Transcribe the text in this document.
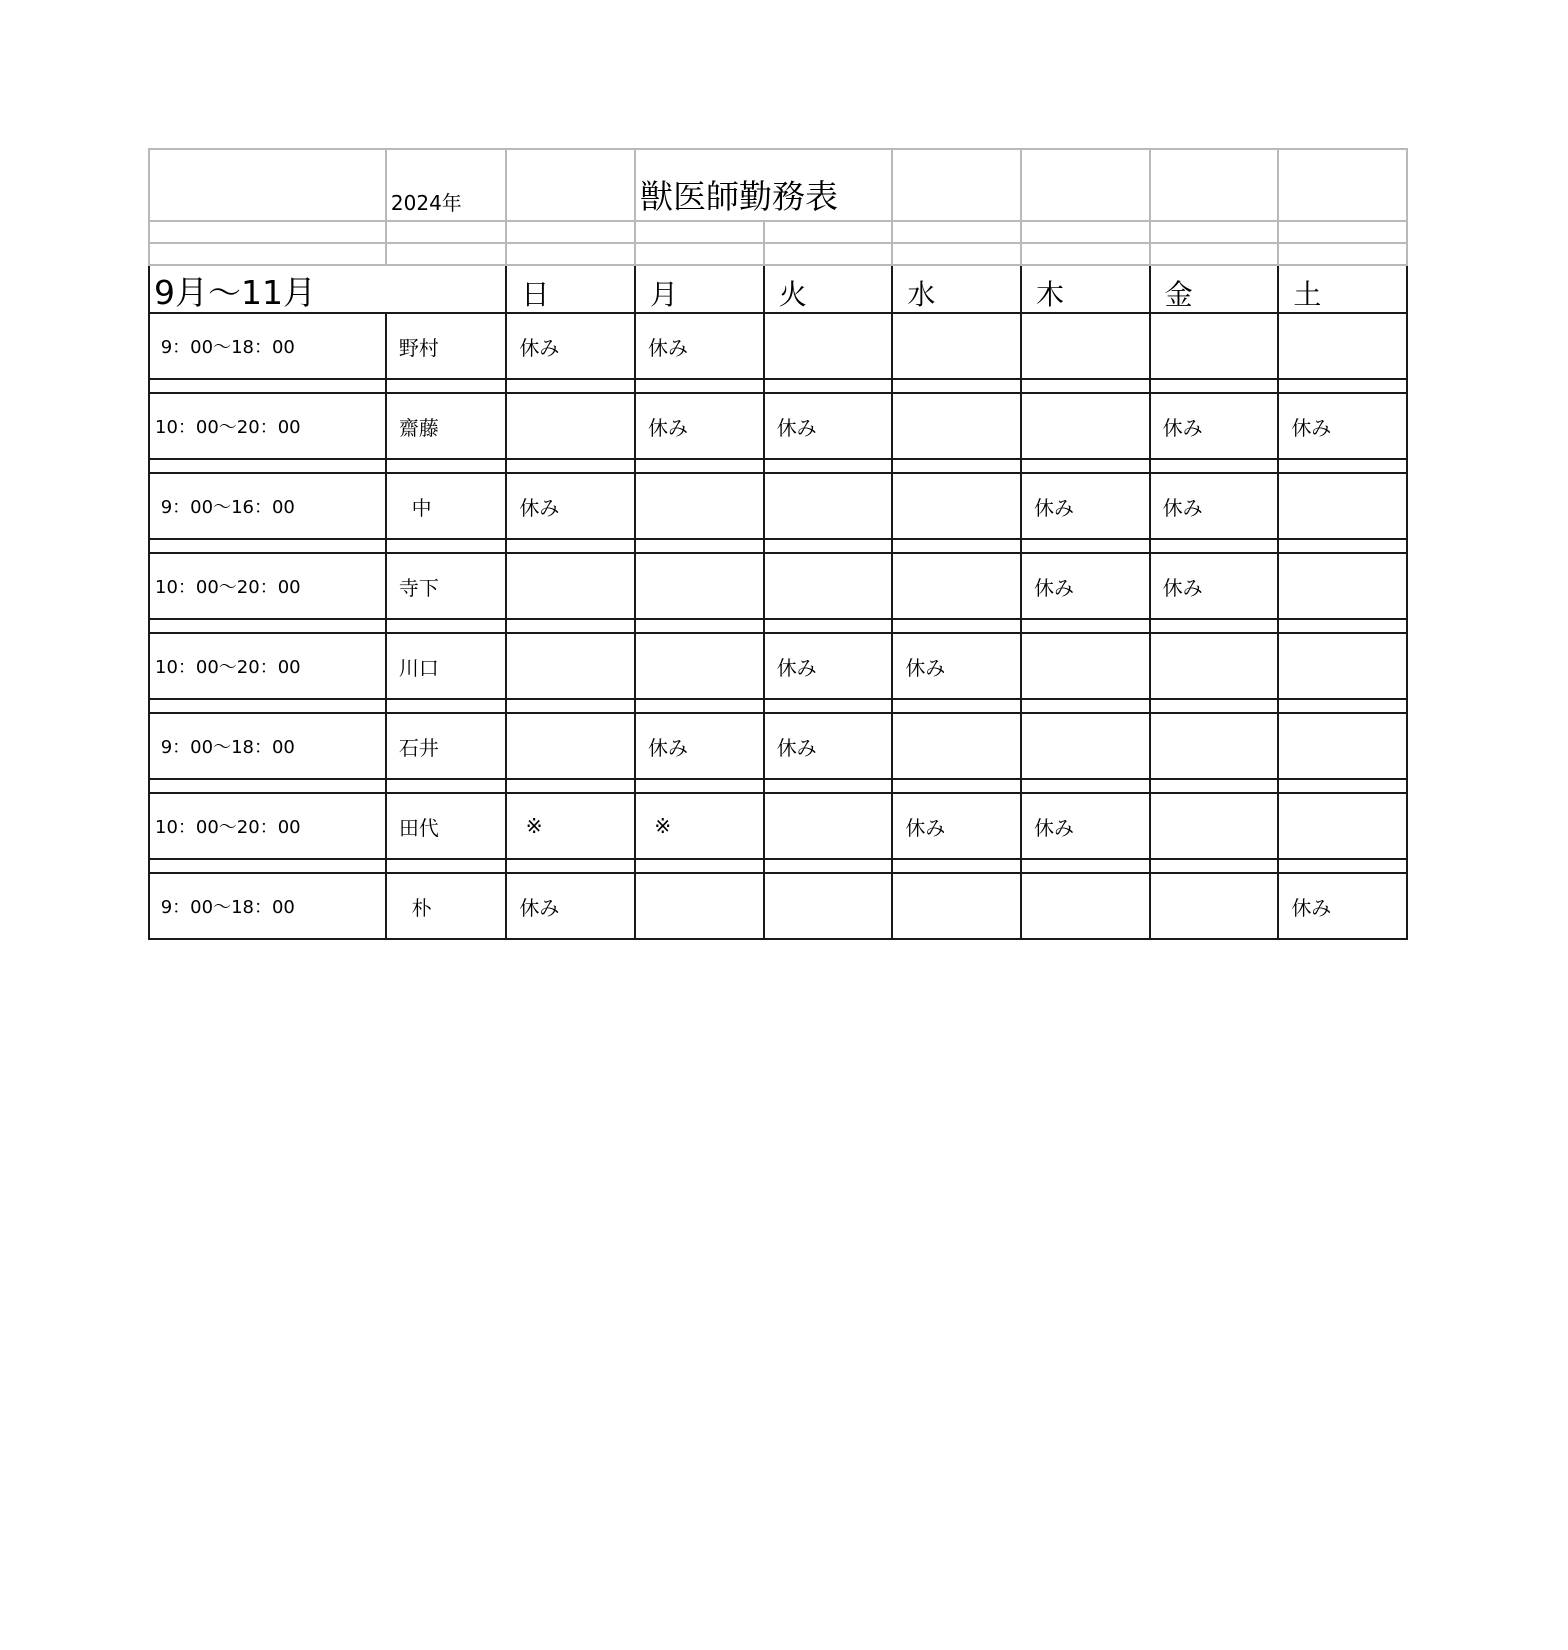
	2024年		獣医師勤務表					

9月～11月		日	月	火	水	木	金	土
9：00～18：00	野村	休み	休み					

10：00～20：00	齋藤		休み	休み			休み	休み

9：00～16：00	中	休み				休み	休み	

10：00～20：00	寺下					休み	休み	

10：00～20：00	川口			休み	休み			

9：00～18：00	石井		休み	休み				

10：00～20：00	田代	※	※		休み	休み		

9：00～18：00	朴	休み						休み
